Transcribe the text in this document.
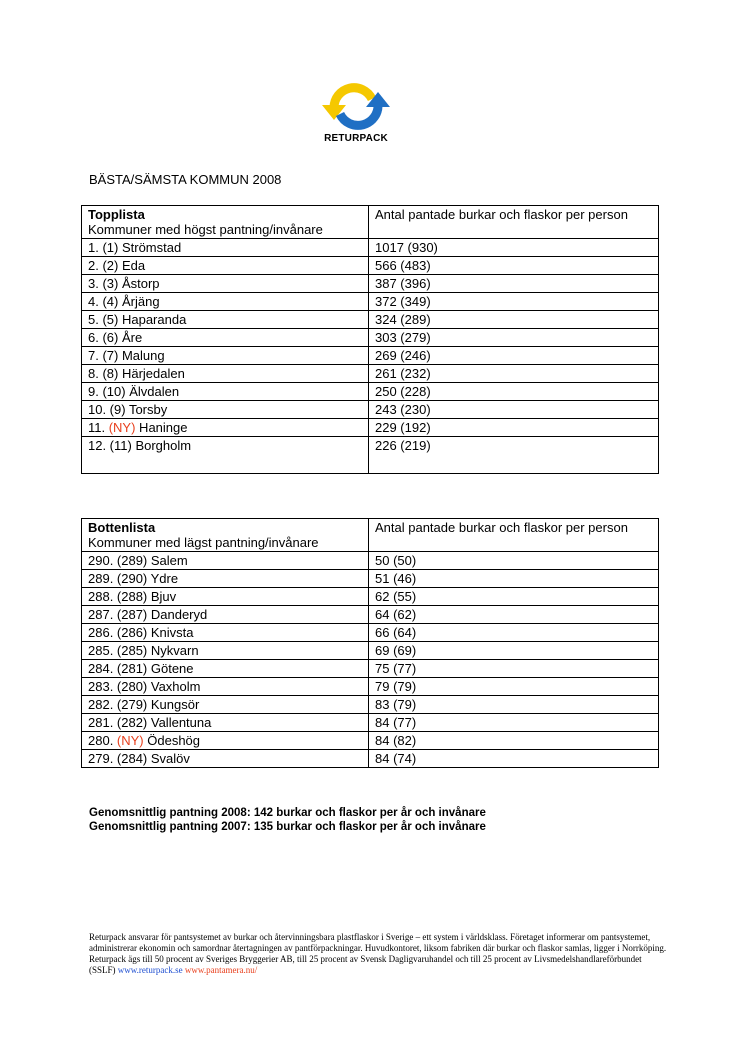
RETURPACK
BÄSTA/SÄMSTA KOMMUN 2008
Topplista
Kommuner med högst pantning/invånare	Antal pantade burkar och flaskor per person
1. (1) Strömstad	1017 (930)
2. (2) Eda	566 (483)
3. (3) Åstorp	387 (396)
4. (4) Årjäng	372 (349)
5. (5) Haparanda	324 (289)
6. (6) Åre	303 (279)
7. (7) Malung	269 (246)
8. (8) Härjedalen	261 (232)
9. (10) Älvdalen	250 (228)
10. (9) Torsby	243 (230)
11. (NY) Haninge	229 (192)
12. (11) Borgholm	226 (219)
Bottenlista
Kommuner med lägst pantning/invånare	Antal pantade burkar och flaskor per person
290. (289) Salem	50 (50)
289. (290) Ydre	51 (46)
288. (288) Bjuv	62 (55)
287. (287) Danderyd	64 (62)
286. (286) Knivsta	66 (64)
285. (285) Nykvarn	69 (69)
284. (281) Götene	75 (77)
283. (280) Vaxholm	79 (79)
282. (279) Kungsör	83 (79)
281. (282) Vallentuna	84 (77)
280. (NY) Ödeshög	84 (82)
279. (284) Svalöv	84 (74)
Genomsnittlig pantning 2008: 142 burkar och flaskor per år och invånare
Genomsnittlig pantning 2007: 135 burkar och flaskor per år och invånare
Returpack ansvarar för pantsystemet av burkar och återvinningsbara plastflaskor i Sverige – ett system i världsklass. Företaget informerar om pantsystemet, administrerar ekonomin och samordnar återtagningen av pantförpackningar. Huvudkontoret, liksom fabriken där burkar och flaskor samlas, ligger i Norrköping. Returpack ägs till 50 procent av Sveriges Bryggerier AB, till 25 procent av Svensk Dagligvaruhandel och till 25 procent av Livsmedelshandlareförbundet (SSLF) www.returpack.se www.pantamera.nu/
